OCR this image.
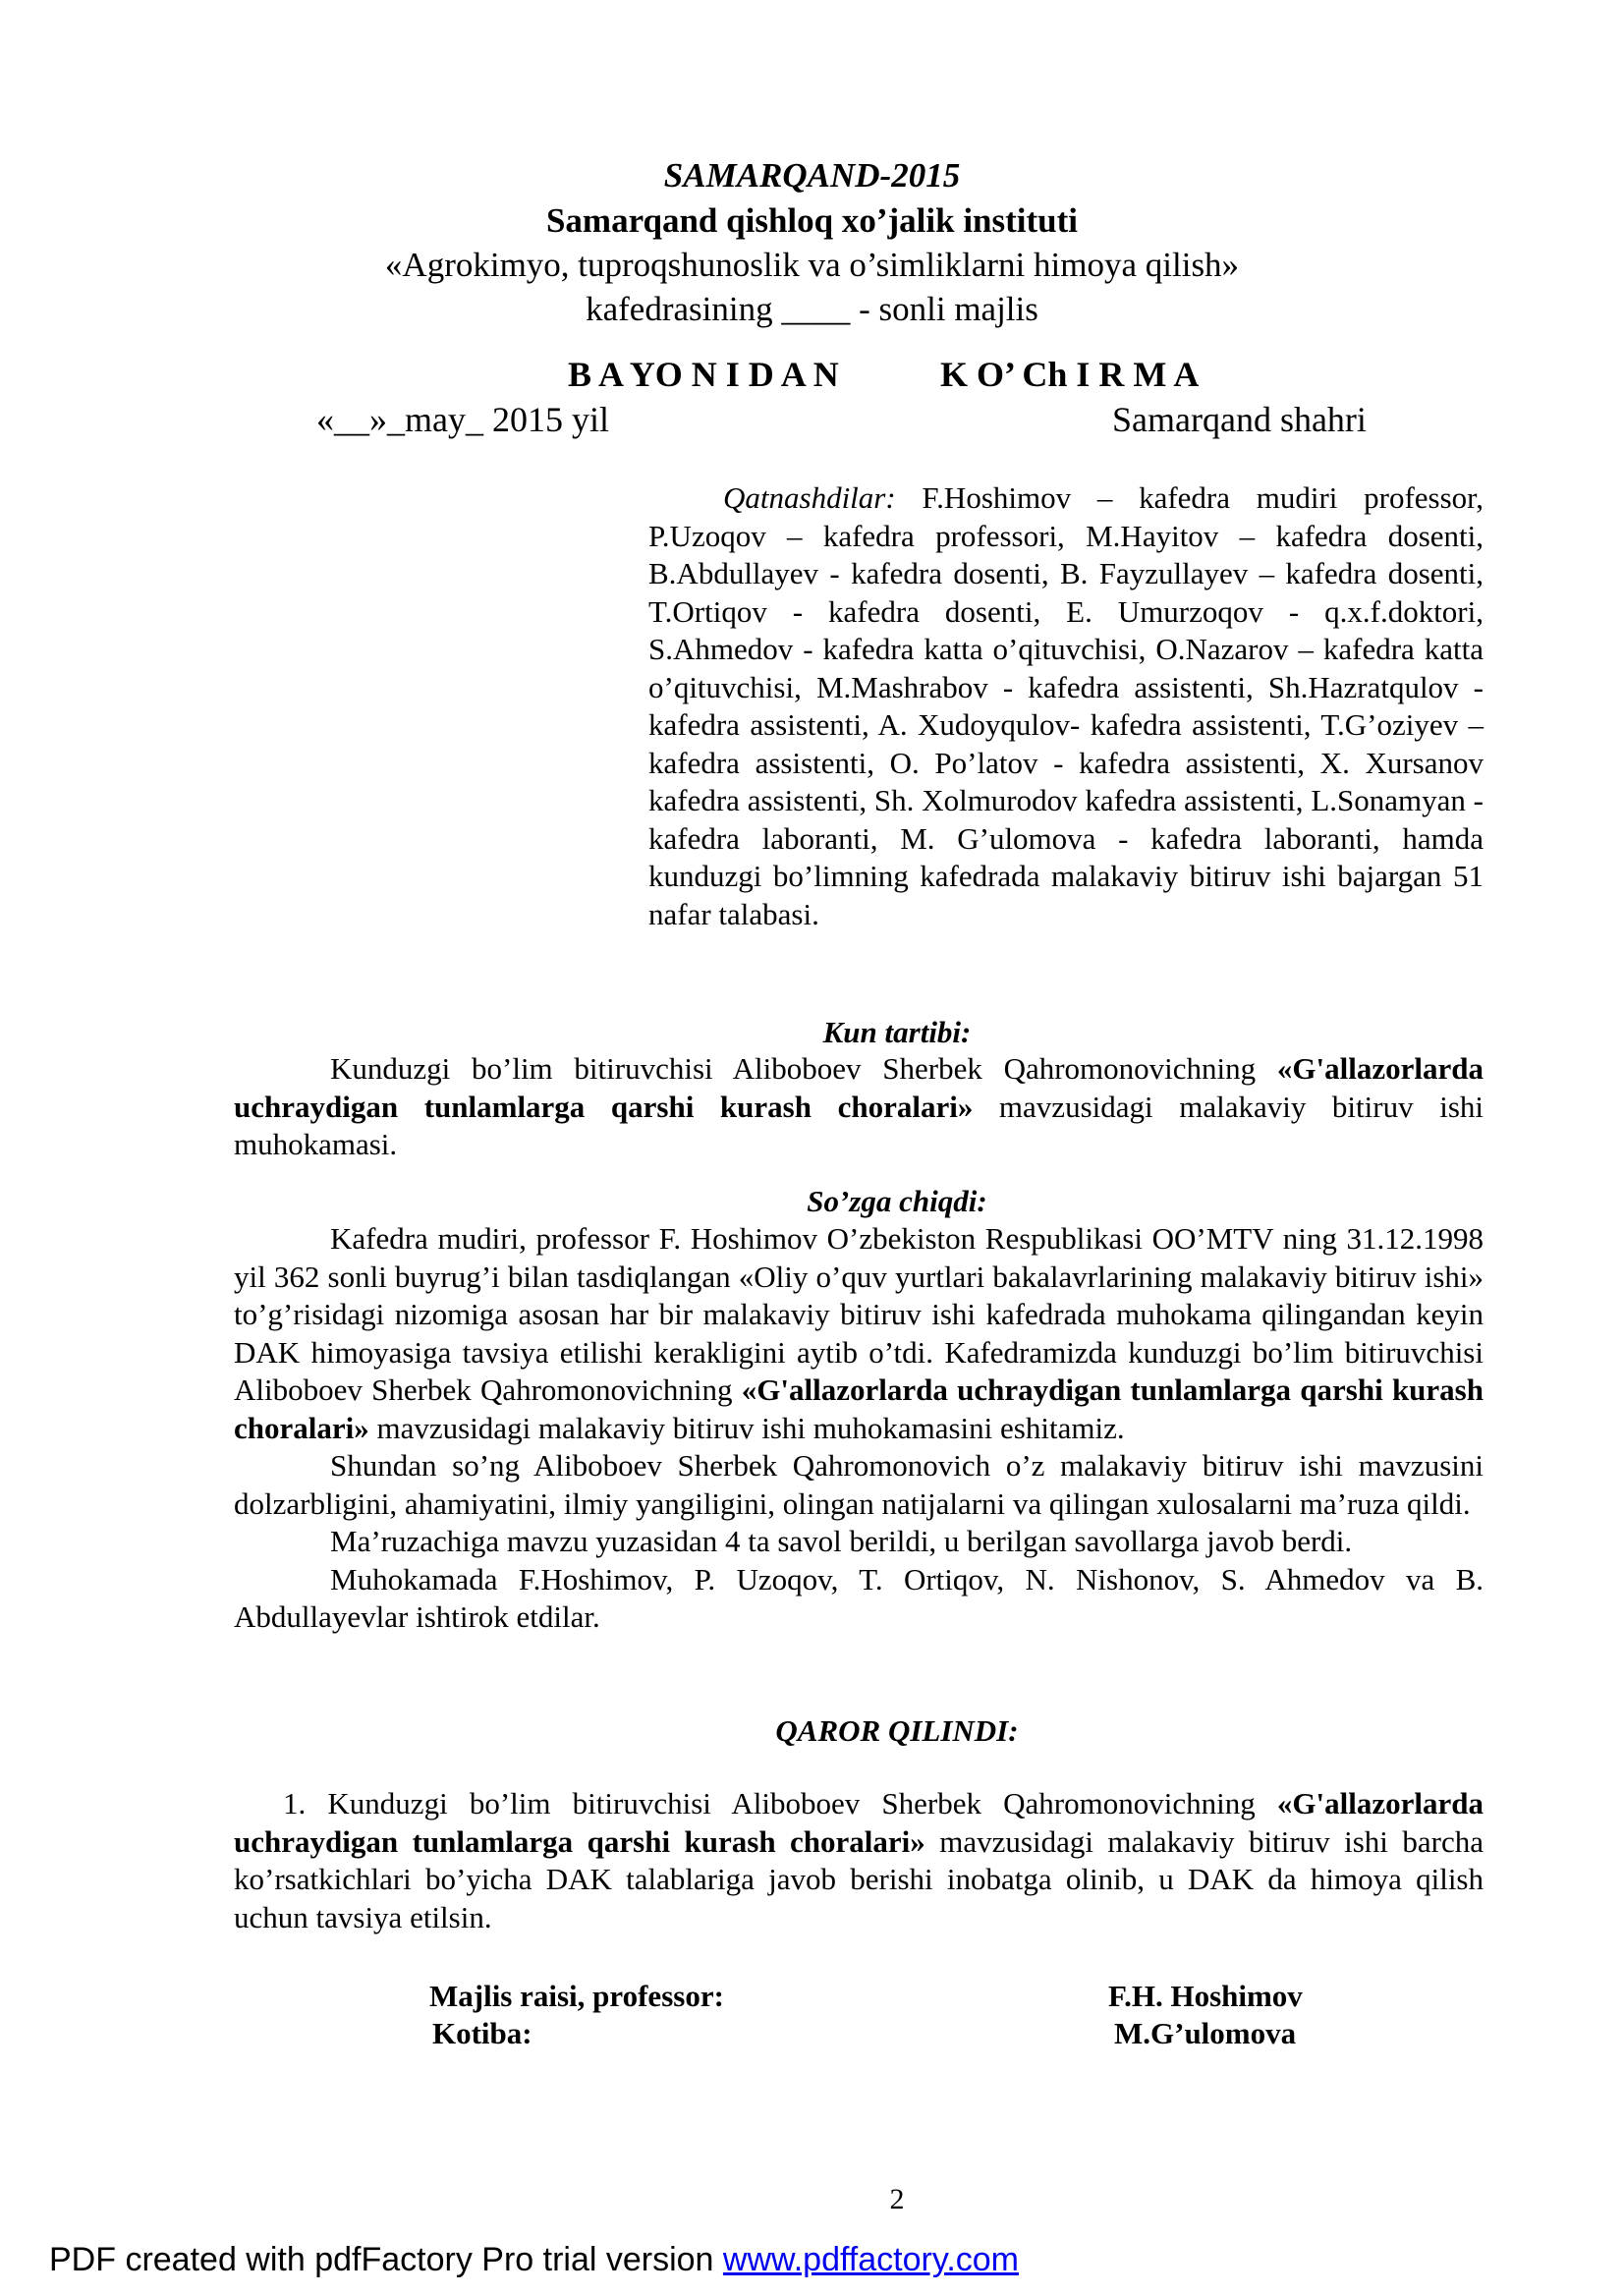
SAMARQAND-2015
Samarqand qishloq xo’jalik instituti
«Agrokimyo, tuproqshunoslik va o’simliklarni himoya qilish»
kafedrasining ____ - sonli majlis
B A YO N I D A N	K O’ Ch I R M A
«__»_may_ 2015 yil	Samarqand shahri

Qatnashdilar: F.Hoshimov – kafedra mudiri professor, P.Uzoqov – kafedra professori, M.Hayitov – kafedra dosenti, B.Abdullayev - kafedra dosenti, B. Fayzullayev – kafedra dosenti, T.Ortiqov - kafedra dosenti, E. Umurzoqov - q.x.f.doktori, S.Ahmedov - kafedra katta o’qituvchisi, O.Nazarov – kafedra katta o’qituvchisi, M.Mashrabov - kafedra assistenti, Sh.Hazratqulov - kafedra assistenti, A. Xudoyqulov- kafedra assistenti, T.G’oziyev – kafedra assistenti, O. Po’latov - kafedra assistenti, X. Xursanov kafedra assistenti, Sh. Xolmurodov kafedra assistenti, L.Sonamyan - kafedra laboranti, M. G’ulomova - kafedra laboranti, hamda kunduzgi bo’limning kafedrada malakaviy bitiruv ishi bajargan 51 nafar talabasi.

Kun tartibi:

Kunduzgi bo’lim bitiruvchisi Aliboboev Sherbek Qahromonovichning «G'allazorlarda uchraydigan tunlamlarga qarshi kurash choralari» mavzusidagi malakaviy bitiruv ishi muhokamasi.

So’zga chiqdi:

Kafedra mudiri, professor F. Hoshimov O’zbekiston Respublikasi OO’MTV ning 31.12.1998 yil 362 sonli buyrug’i bilan tasdiqlangan «Oliy o’quv yurtlari bakalavrlarining malakaviy bitiruv ishi» to’g’risidagi nizomiga asosan har bir malakaviy bitiruv ishi kafedrada muhokama qilingandan keyin DAK himoyasiga tavsiya etilishi kerakligini aytib o’tdi. Kafedramizda kunduzgi bo’lim bitiruvchisi Aliboboev Sherbek Qahromonovichning «G'allazorlarda uchraydigan tunlamlarga qarshi kurash choralari» mavzusidagi malakaviy bitiruv ishi muhokamasini eshitamiz.

Shundan so’ng Aliboboev Sherbek Qahromonovich o’z malakaviy bitiruv ishi mavzusini dolzarbligini, ahamiyatini, ilmiy yangiligini, olingan natijalarni va qilingan xulosalarni ma’ruza qildi.

Ma’ruzachiga mavzu yuzasidan 4 ta savol berildi, u berilgan savollarga javob berdi.

Muhokamada F.Hoshimov, P. Uzoqov, T. Ortiqov, N. Nishonov, S. Ahmedov va B. Abdullayevlar ishtirok etdilar.

QAROR QILINDI:

1. Kunduzgi bo’lim bitiruvchisi Aliboboev Sherbek Qahromonovichning «G'allazorlarda uchraydigan tunlamlarga qarshi kurash choralari» mavzusidagi malakaviy bitiruv ishi barcha ko’rsatkichlari bo’yicha DAK talablariga javob berishi inobatga olinib, u DAK da himoya qilish uchun tavsiya etilsin.

Majlis raisi, professor:	F.H. Hoshimov
Kotiba:	M.G’ulomova
2
PDF created with pdfFactory Pro trial version www.pdffactory.com
